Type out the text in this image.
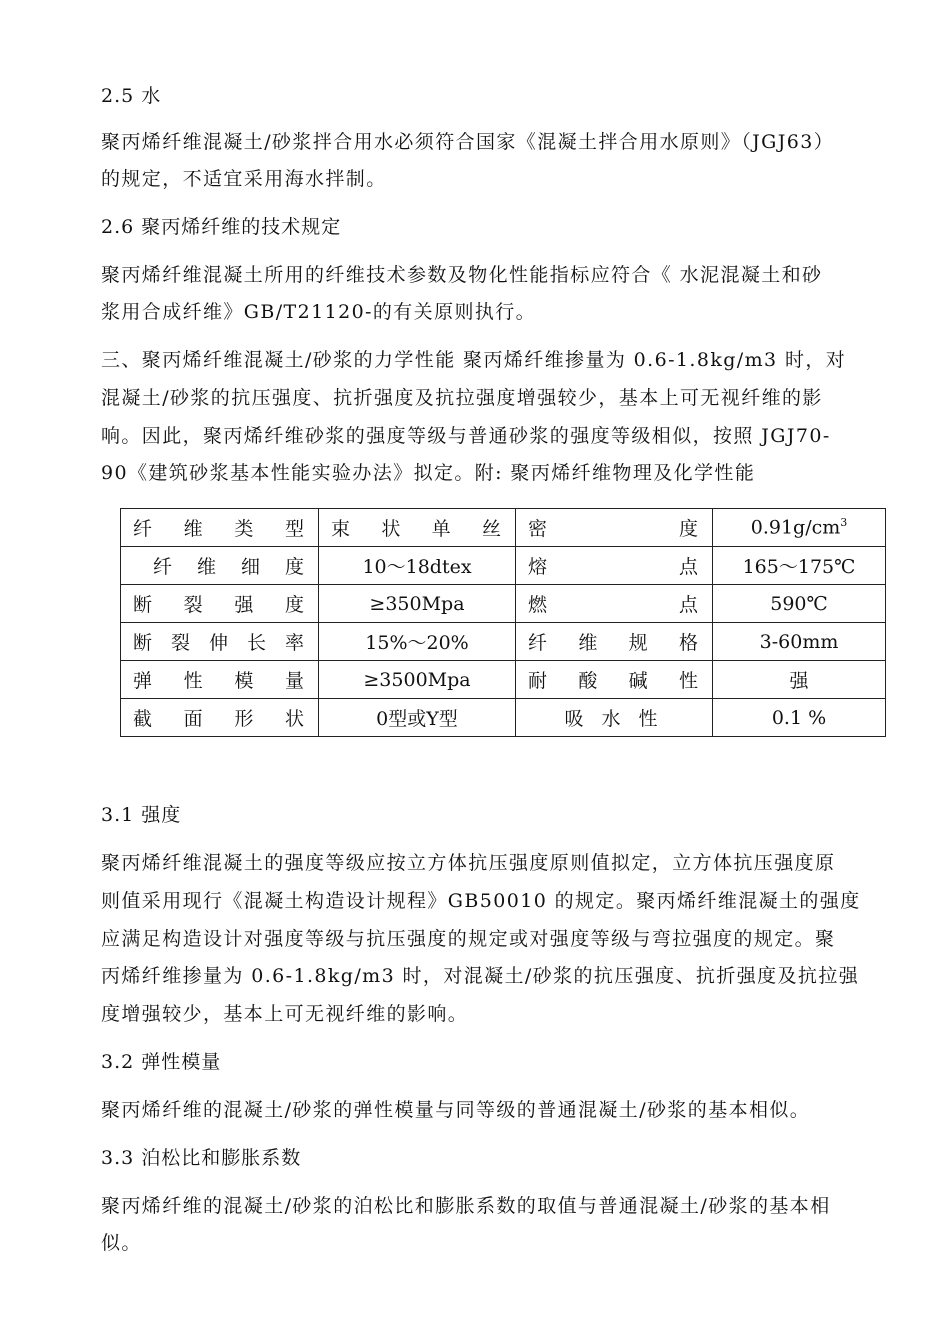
2.5 水
聚丙烯纤维混凝土/砂浆拌合用水必须符合国家《混凝土拌合用水原则》（JGJ63）
的规定，不适宜采用海水拌制。
2.6 聚丙烯纤维的技术规定
聚丙烯纤维混凝土所用的纤维技术参数及物化性能指标应符合《 水泥混凝土和砂
浆用合成纤维》GB/T21120-的有关原则执行。
三、聚丙烯纤维混凝土/砂浆的力学性能 聚丙烯纤维掺量为 0.6-1.8kg/m3 时，对
混凝土/砂浆的抗压强度、抗折强度及抗拉强度增强较少，基本上可无视纤维的影
响。因此，聚丙烯纤维砂浆的强度等级与普通砂浆的强度等级相似，按照 JGJ70-
90《建筑砂浆基本性能实验办法》拟定。附: 聚丙烯纤维物理及化学性能
纤维类型	束 状 单 丝	密度	$0.91g/cm^3$
纤维细度	10～18dtex	熔点	165～175℃
断裂强度	≥350Mpa	燃点	590℃
断裂伸长率	15%～20%	纤维规格	3-60mm
弹性模量	≥3500Mpa	耐酸碱性	强
截面形状	0型或Y型	吸 水 性	0.1 %
3.1 强度
聚丙烯纤维混凝土的强度等级应按立方体抗压强度原则值拟定，立方体抗压强度原
则值采用现行《混凝土构造设计规程》GB50010 的规定。聚丙烯纤维混凝土的强度
应满足构造设计对强度等级与抗压强度的规定或对强度等级与弯拉强度的规定。聚
丙烯纤维掺量为 0.6-1.8kg/m3 时，对混凝土/砂浆的抗压强度、抗折强度及抗拉强
度增强较少，基本上可无视纤维的影响。
3.2 弹性模量
聚丙烯纤维的混凝土/砂浆的弹性模量与同等级的普通混凝土/砂浆的基本相似。
3.3 泊松比和膨胀系数
聚丙烯纤维的混凝土/砂浆的泊松比和膨胀系数的取值与普通混凝土/砂浆的基本相
似。
